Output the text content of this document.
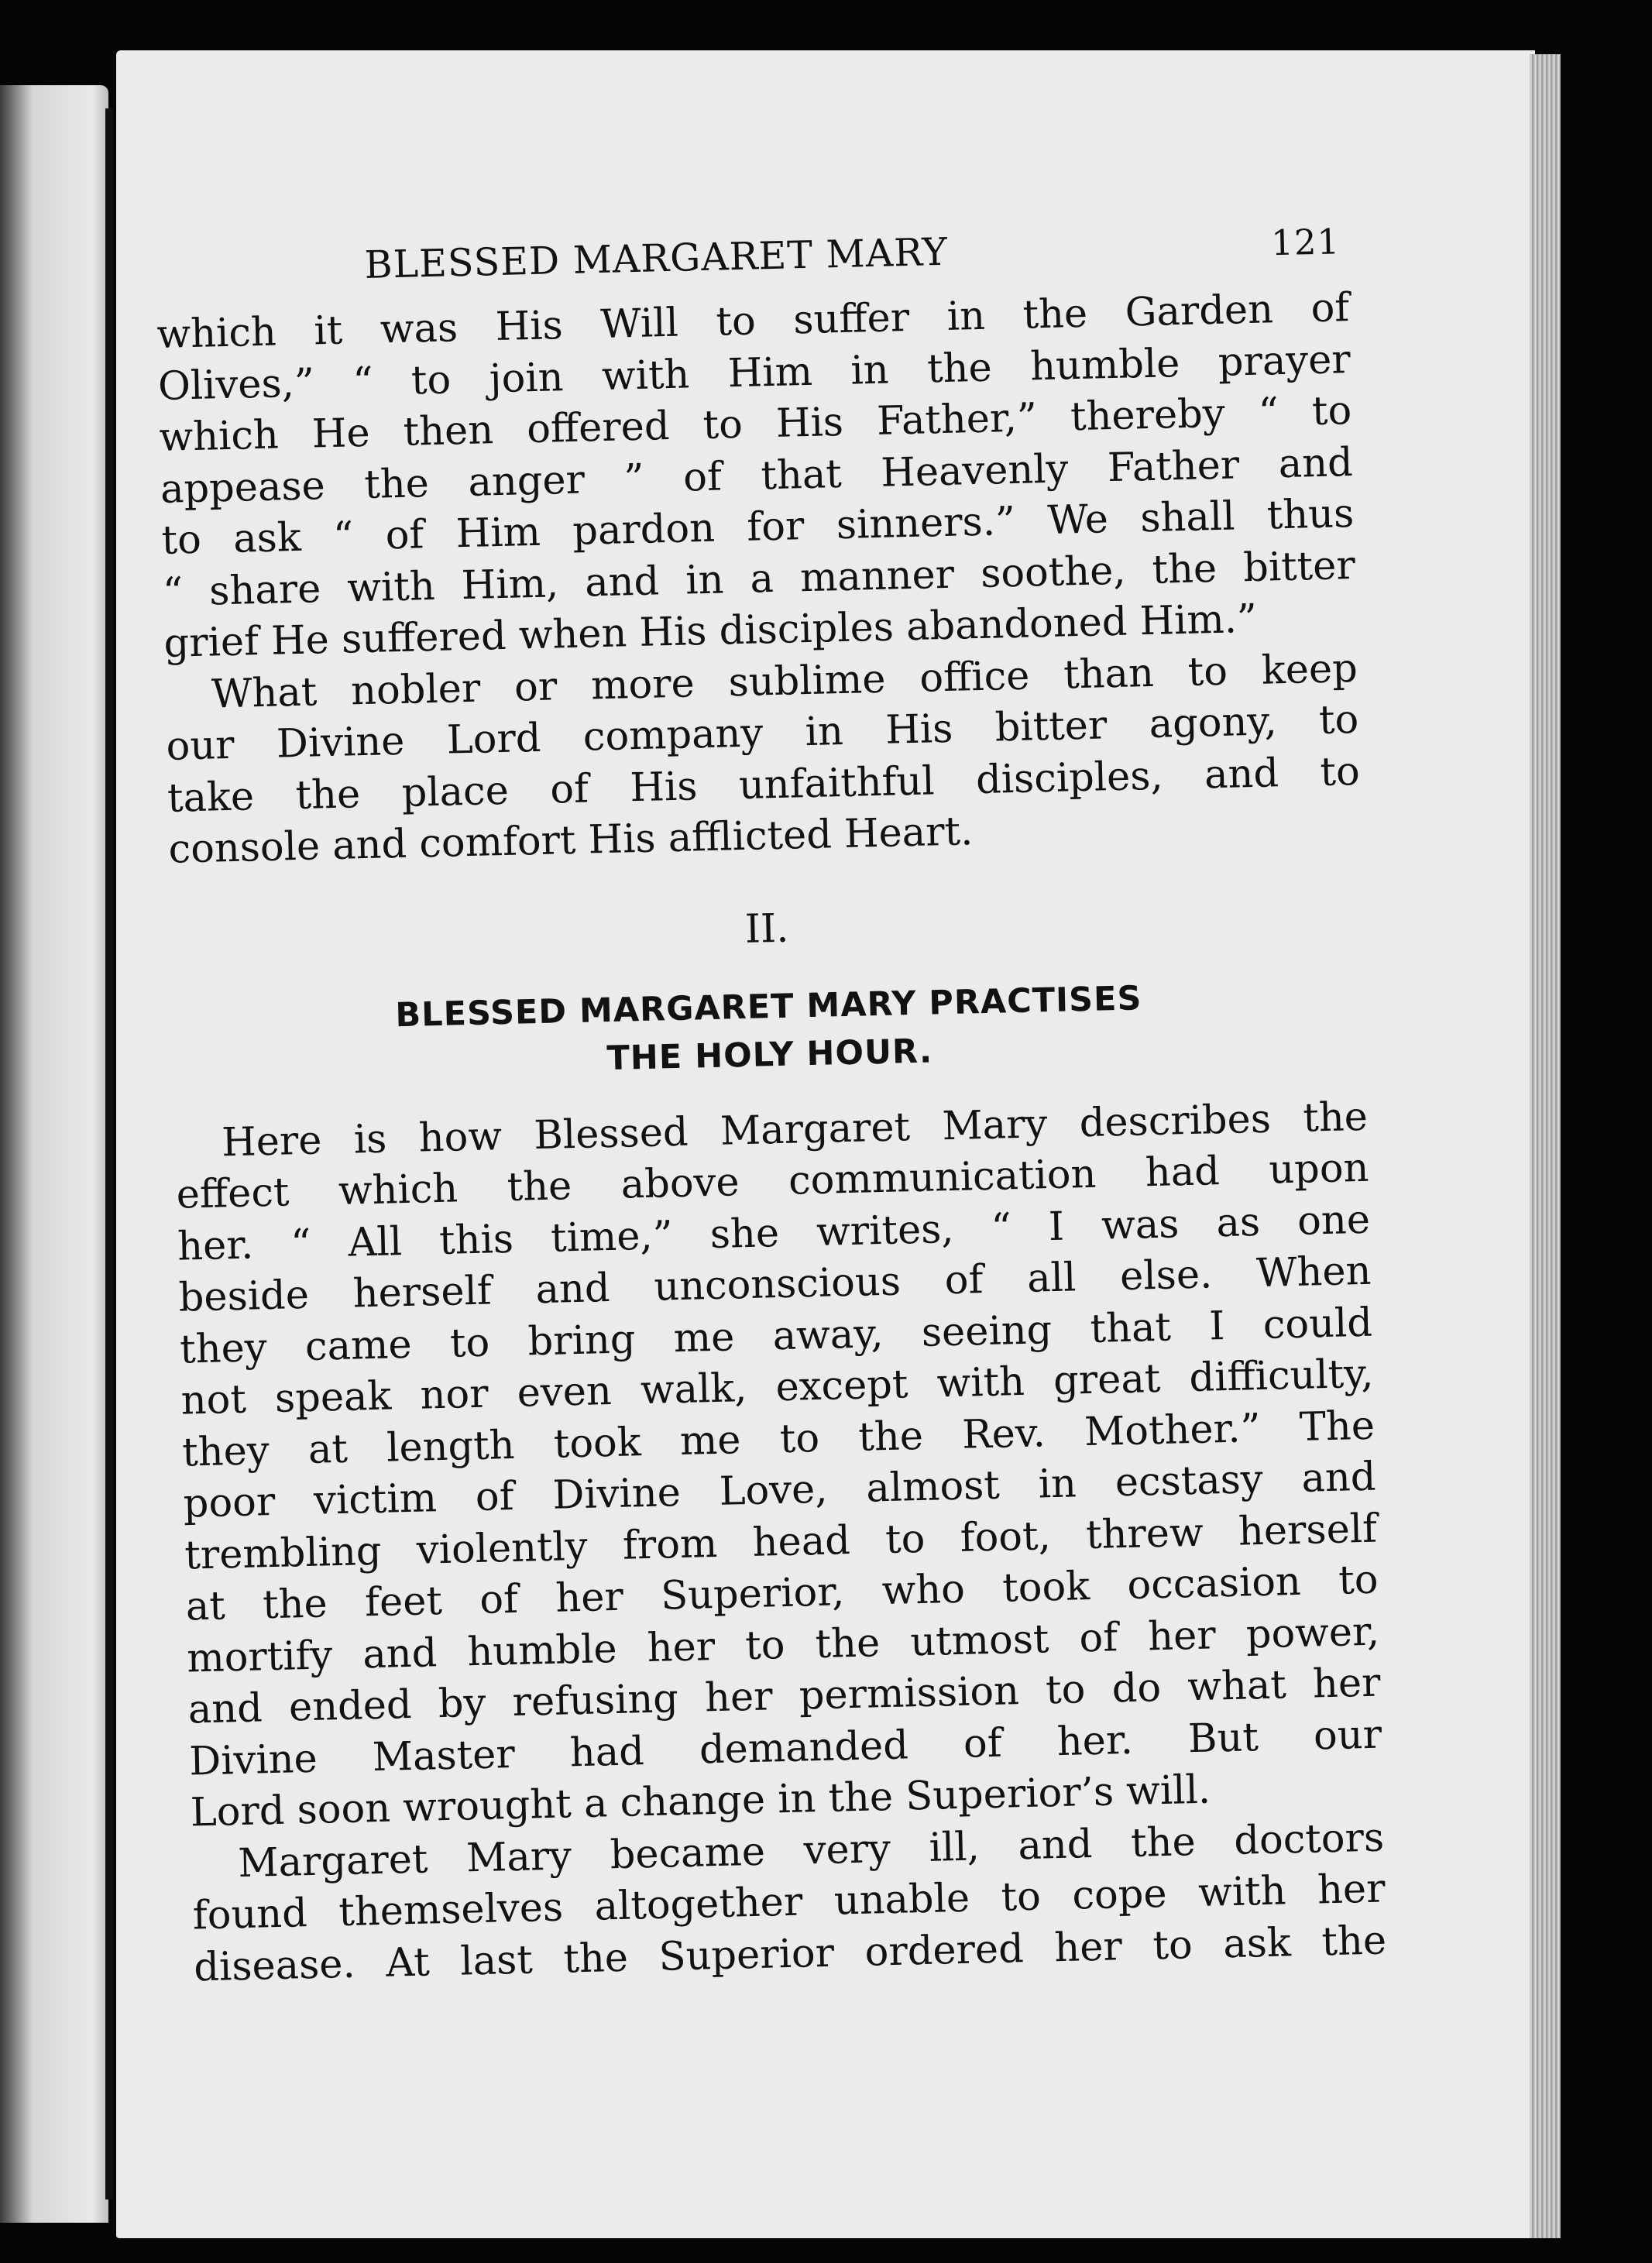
BLESSED MARGARET MARY	121

which it was His Will to suffer in the Garden of
Olives,” “ to join with Him in the humble prayer
which He then offered to His Father,” thereby “ to
appease the anger ” of that Heavenly Father and
to ask “ of Him pardon for sinners.” We shall thus
“ share with Him, and in a manner soothe, the bitter
grief He suffered when His disciples abandoned Him.”

What nobler or more sublime office than to keep
our Divine Lord company in His bitter agony, to
take the place of His unfaithful disciples, and to
console and comfort His afflicted Heart.

II.
BLESSED MARGARET MARY PRACTISES
THE HOLY HOUR.

Here is how Blessed Margaret Mary describes the
effect which the above communication had upon
her. “ All this time,” she writes, “ I was as one
beside herself and unconscious of all else. When
they came to bring me away, seeing that I could
not speak nor even walk, except with great difficulty,
they at length took me to the Rev. Mother.” The
poor victim of Divine Love, almost in ecstasy and
trembling violently from head to foot, threw herself
at the feet of her Superior, who took occasion to
mortify and humble her to the utmost of her power,
and ended by refusing her permission to do what her
Divine Master had demanded of her. But our
Lord soon wrought a change in the Superior’s will.

Margaret Mary became very ill, and the doctors
found themselves altogether unable to cope with her
disease. At last the Superior ordered her to ask the
